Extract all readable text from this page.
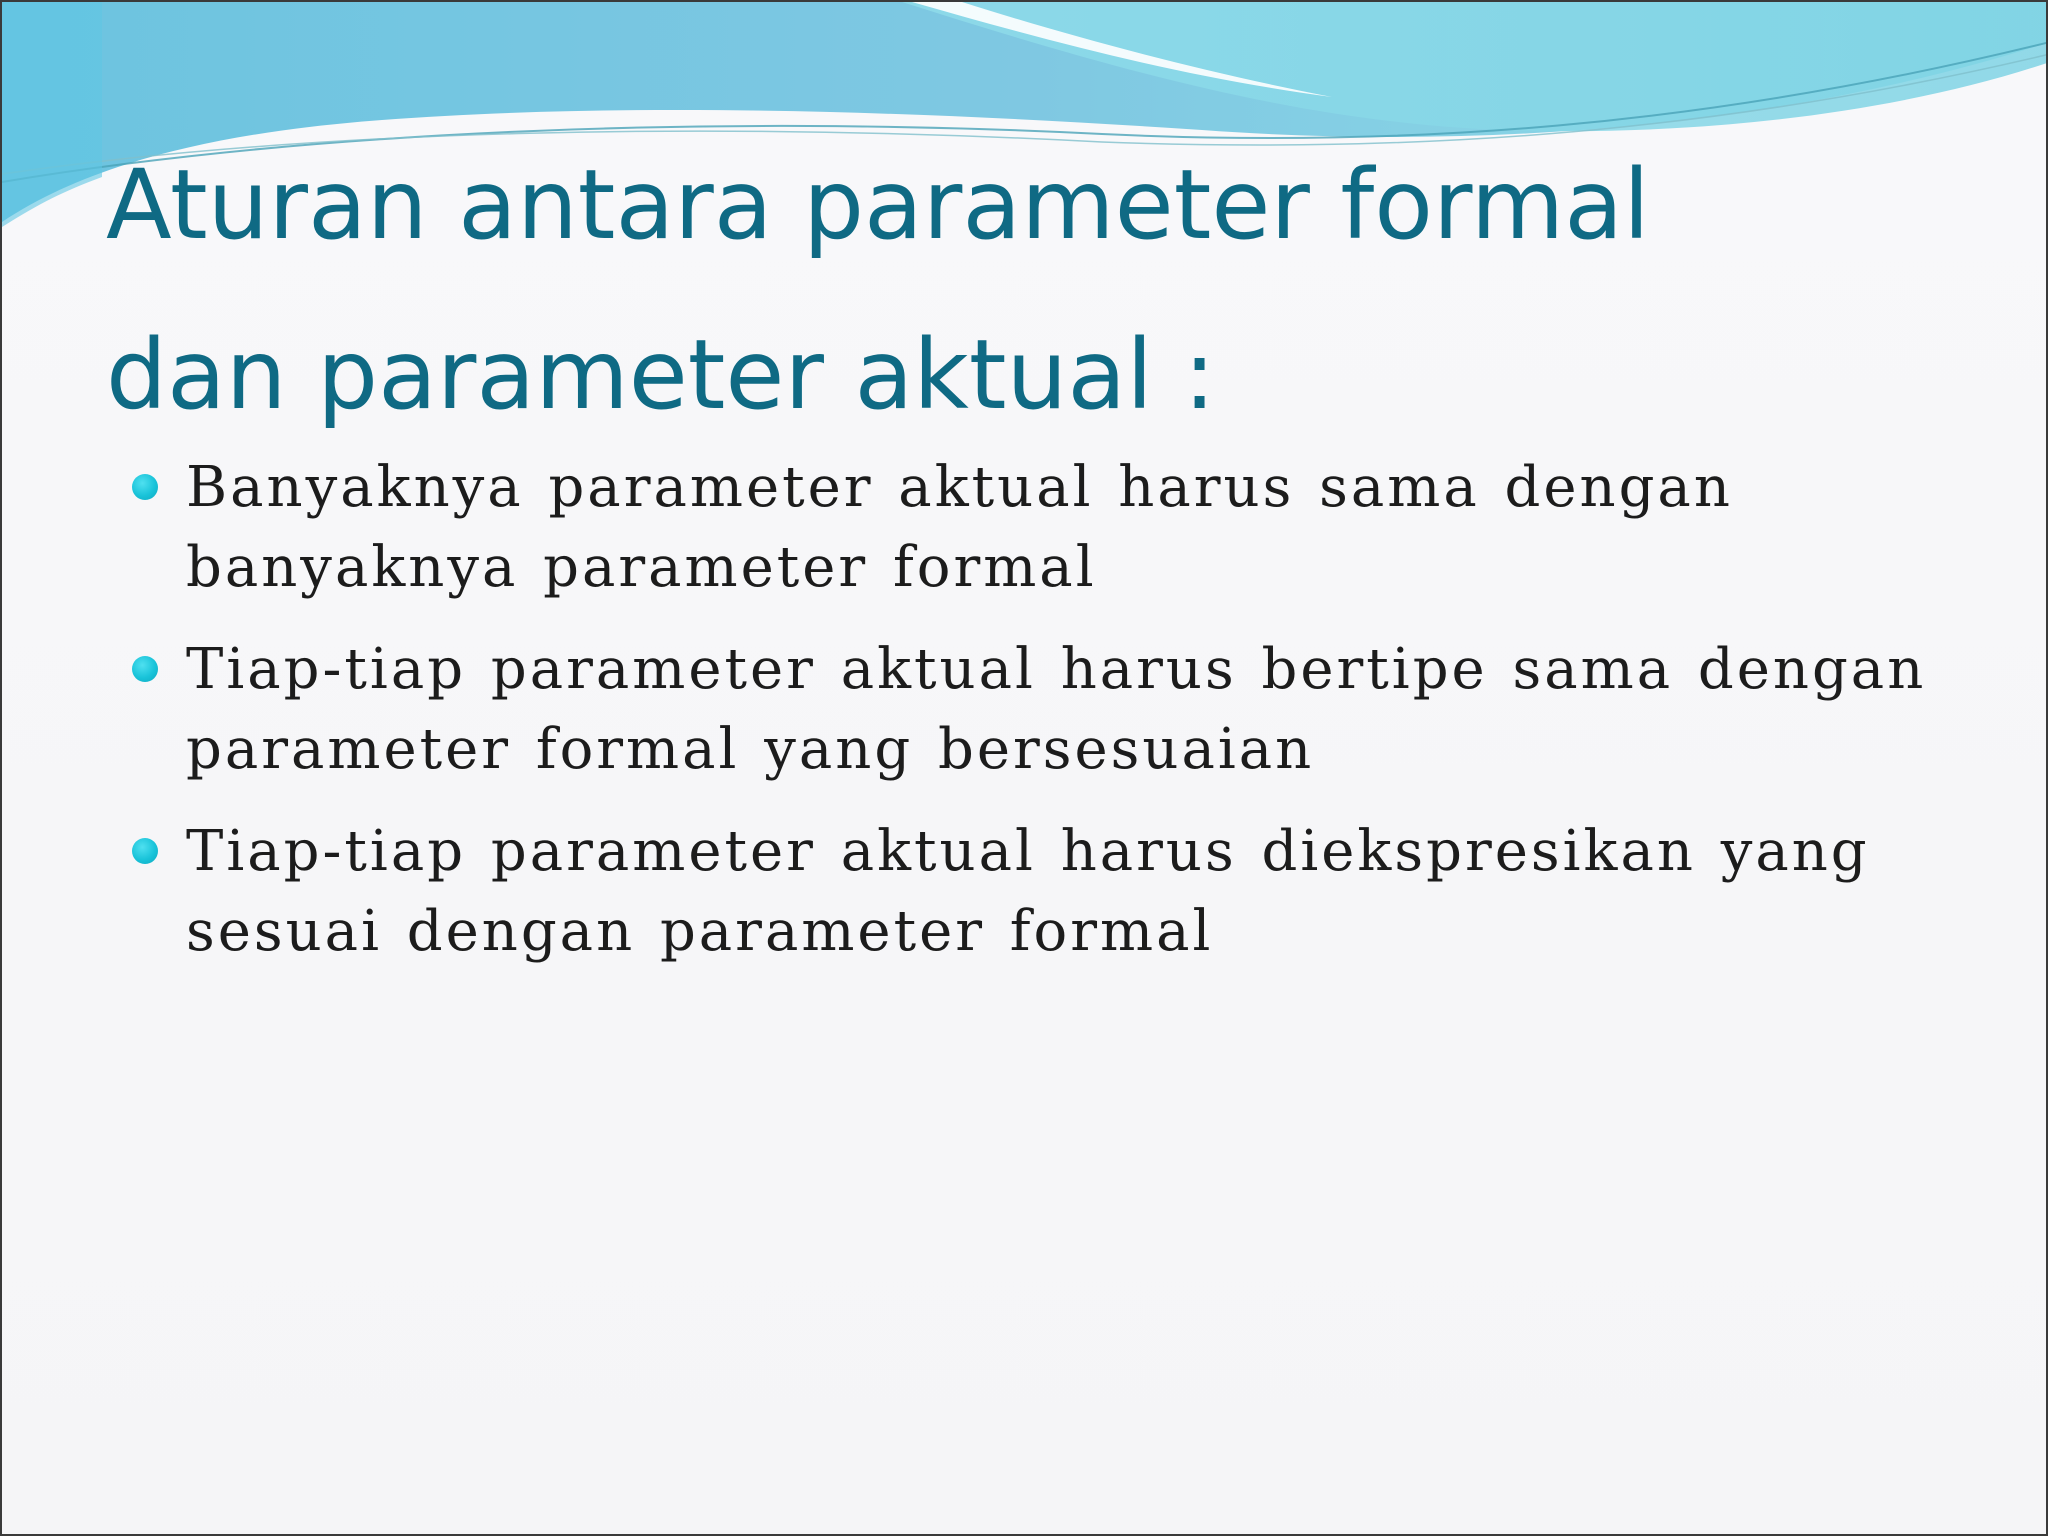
Aturan antara parameter formal
dan parameter aktual :
Banyaknya parameter aktual harus sama dengan
banyaknya parameter formal
Tiap-tiap parameter aktual harus bertipe sama dengan
parameter formal yang bersesuaian
Tiap-tiap parameter aktual harus diekspresikan yang
sesuai dengan parameter formal
